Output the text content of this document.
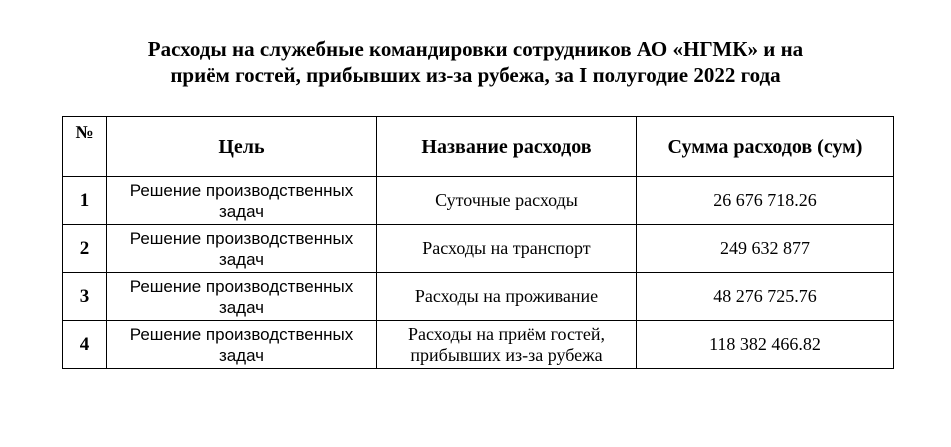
Расходы на служебные командировки сотрудников АО «НГМК» и на
приём гостей, прибывших из-за рубежа, за I полугодие 2022 года
№	Цель	Название расходов	Сумма расходов (сум)
1	Решение производственных задач	Суточные расходы	26 676 718.26
2	Решение производственных задач	Расходы на транспорт	249 632 877
3	Решение производственных задач	Расходы на проживание	48 276 725.76
4	Решение производственных задач	Расходы на приём гостей, прибывших из-за рубежа	118 382 466.82
